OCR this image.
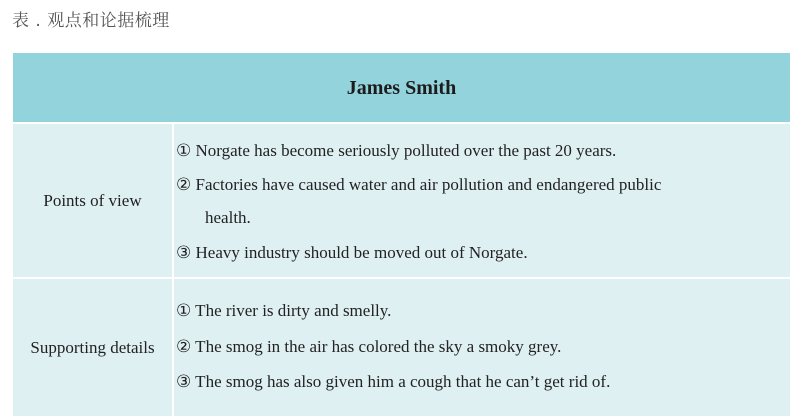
表 . 观点和论据梳理
James Smith
Points of view
① Norgate has become seriously polluted over the past 20 years.
② Factories have caused water and air pollution and endangered public
health.
③ Heavy industry should be moved out of Norgate.
Supporting details
① The river is dirty and smelly.
② The smog in the air has colored the sky a smoky grey.
③ The smog has also given him a cough that he can’t get rid of.
